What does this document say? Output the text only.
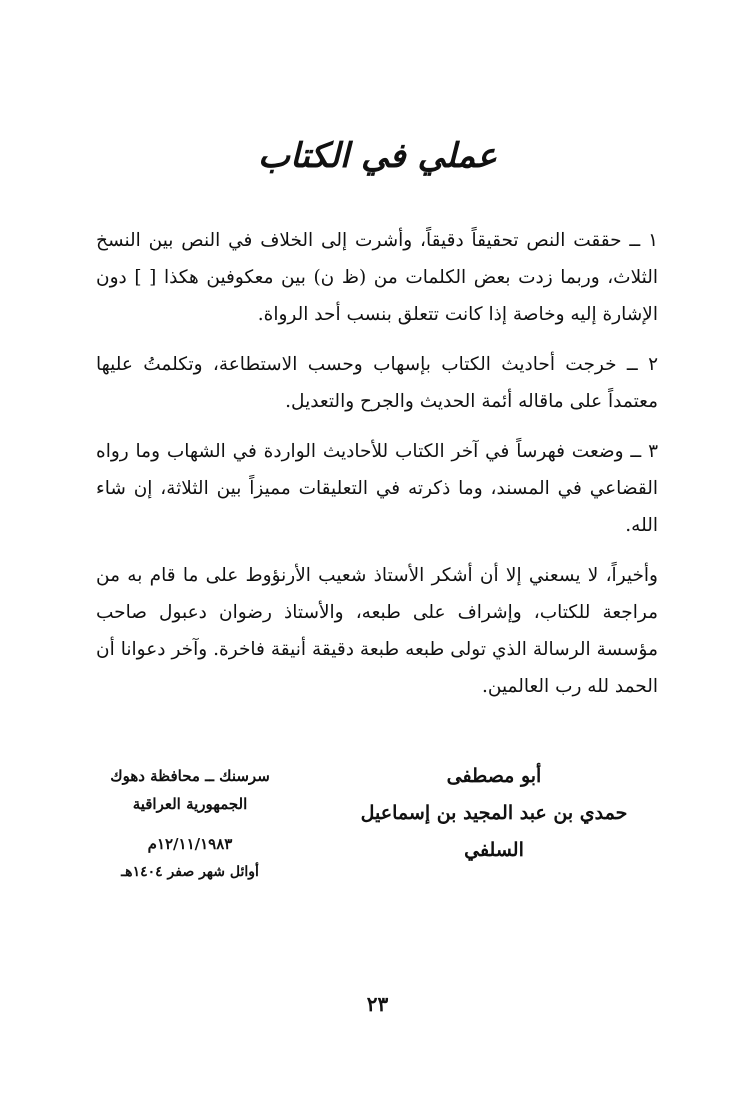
عملي في الكتاب

١ ــ حققت النص تحقيقاً دقيقاً، وأشرت إلى الخلاف في النص بين النسخ الثلاث، وربما زدت بعض الكلمات من (ظ ن) بين معكوفين هكذا [ ] دون الإشارة إليه وخاصة إذا كانت تتعلق بنسب أحد الرواة.

٢ ــ خرجت أحاديث الكتاب بإسهاب وحسب الاستطاعة، وتكلمتُ عليها معتمداً على ماقاله أئمة الحديث والجرح والتعديل.

٣ ــ وضعت فهرساً في آخر الكتاب للأحاديث الواردة في الشهاب وما رواه القضاعي في المسند، وما ذكرته في التعليقات مميزاً بين الثلاثة، إن شاء الله.

وأخيراً، لا يسعني إلا أن أشكر الأستاذ شعيب الأرنؤوط على ما قام به من مراجعة للكتاب، وإشراف على طبعه، والأستاذ رضوان دعبول صاحب مؤسسة الرسالة الذي تولى طبعه طبعة دقيقة أنيقة فاخرة. وآخر دعوانا أن الحمد لله رب العالمين.

أبو مصطفى
حمدي بن عبد المجيد بن إسماعيل
السلفي
سرسنك ــ محافظة دهوك
الجمهورية العراقية
١٢/١١/١٩٨٣م
أوائل شهر صفر ١٤٠٤هـ
٢٣
